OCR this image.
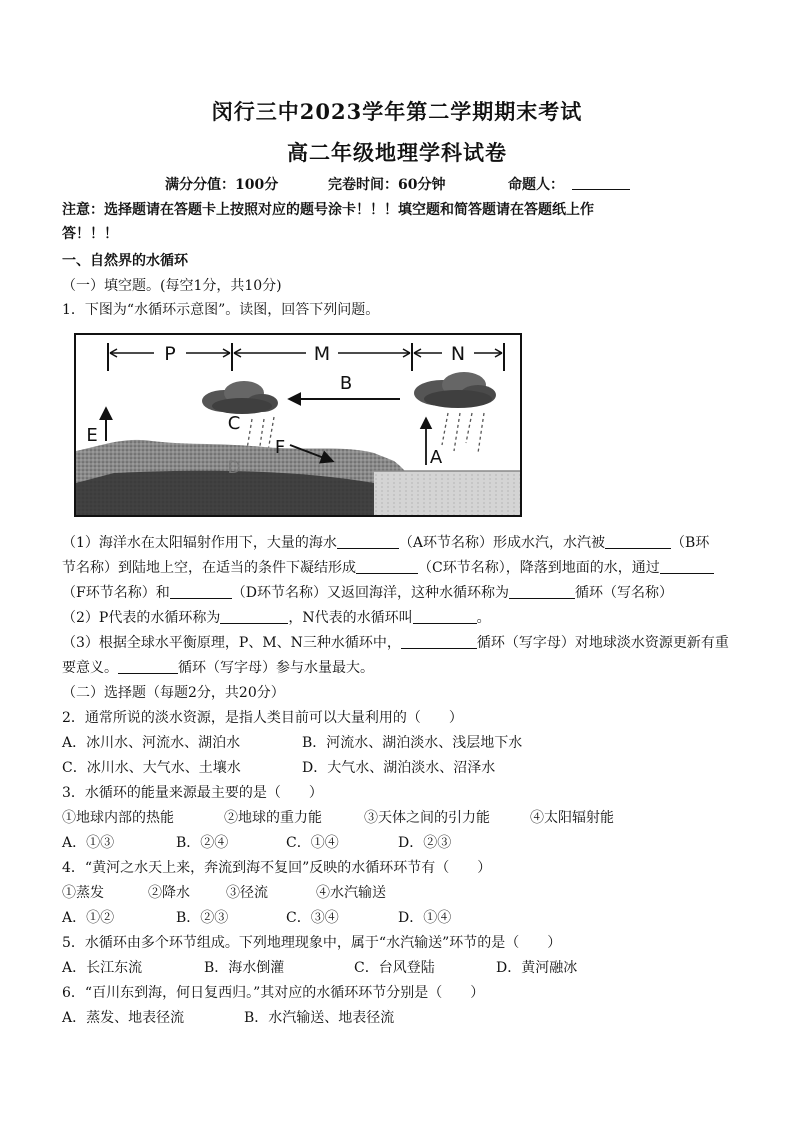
闵行三中2023学年第二学期期末考试
高二年级地理学科试卷
满分分值：100分	完卷时间：60分钟	命题人：
注意：选择题请在答题卡上按照对应的题号涂卡！！！填空题和简答题请在答题纸上作
答！！！
一、自然界的水循环
（一）填空题。(每空1分，共10分)
1．下图为“水循环示意图”。读图，回答下列问题。
P	M	N
B
C
D
E
F	A
（1）海洋水在太阳辐射作用下，大量的海水	（A环节名称）形成水汽，水汽被	（B环
节名称）到陆地上空，在适当的条件下凝结形成	（C环节名称），降落到地面的水，通过
（F环节名称）和	（D环节名称）又返回海洋，这种水循环称为	循环（写名称）
（2）P代表的水循环称为	，N代表的水循环叫	。
（3）根据全球水平衡原理，P、M、N三种水循环中，	循环（写字母）对地球淡水资源更新有重
要意义。	循环（写字母）参与水量最大。
（二）选择题（每题2分，共20分）
2．通常所说的淡水资源，是指人类目前可以大量利用的（　　）
A．冰川水、河流水、湖泊水	B．河流水、湖泊淡水、浅层地下水
C．冰川水、大气水、土壤水	D．大气水、湖泊淡水、沼泽水
3．水循环的能量来源最主要的是（　　）
①地球内部的热能	②地球的重力能	③天体之间的引力能	④太阳辐射能
A．①③	B．②④	C．①④	D．②③
4．“黄河之水天上来，奔流到海不复回”反映的水循环环节有（　　）
①蒸发	②降水	③径流	④水汽输送
A．①②	B．②③	C．③④	D．①④
5．水循环由多个环节组成。下列地理现象中，属于“水汽输送”环节的是（　　）
A．长江东流	B．海水倒灌	C．台风登陆	D．黄河融冰
6．“百川东到海，何日复西归。”其对应的水循环环节分别是（　　）
A．蒸发、地表径流	B．水汽输送、地表径流
